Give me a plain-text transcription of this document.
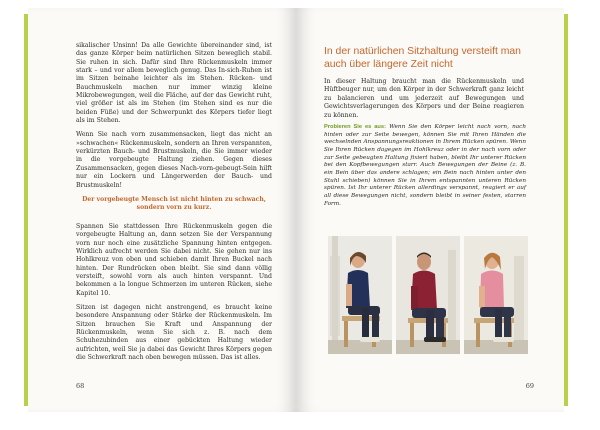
sikalischer Unsinn! Da alle Gewichte übereinander sind, ist das ganze Körper beim natürlichen Sitzen beweglich stabil. Sie ruhen in sich. Dafür sind Ihre Rückenmuskeln immer stark – und vor allem beweglich genug. Das In-sich-Ruhen ist im Sitzen beinahe leichter als im Stehen. Rücken- und Bauchmuskeln machen nur immer winzig kleine Mikrobewegungen, weil die Fläche, auf der das Gewicht ruht, viel größer ist als im Stehen (im Stehen sind es nur die beiden Füße) und der Schwerpunkt des Körpers tiefer liegt als im Stehen.

Wenn Sie nach vorn zusammensacken, liegt das nicht an »schwachen« Rückenmuskeln, sondern an Ihren verspannten, verkürzten Bauch- und Brustmuskeln, die Sie immer wieder in die vorgebeugte Haltung ziehen. Gegen dieses Zusammensacken, gegen dieses Nach-vorn-gebeugt-Sein hilft nur ein Lockern und Längerwerden der Bauch- und Brustmuskeln!

Der vorgebeugte Mensch ist nicht hinten zu schwach, sondern vorn zu kurz.

Spannen Sie stattdessen Ihre Rückenmuskeln gegen die vorgebeugte Haltung an, dann setzen Sie der Verspannung vorn nur noch eine zusätzliche Spannung hinten entgegen. Wirklich aufrecht werden Sie dabei nicht. Sie gehen nur ins Hohlkreuz von oben und schieben damit Ihren Buckel nach hinten. Der Rundrücken oben bleibt. Sie sind dann völlig versteift, sowohl vorn als auch hinten verspannt. Und bekommen a la longue Schmerzen im unteren Rücken, siehe Kapitel 10.

Sitzen ist dagegen nicht anstrengend, es braucht keine besondere Anspannung oder Stärke der Rückenmuskeln. Im Sitzen brauchen Sie Kraft und Anspannung der Rückenmuskeln, wenn Sie sich z. B. nach dem Schuhezubinden aus einer gebückten Haltung wieder aufrichten, weil Sie ja dabei das Gewicht Ihres Körpers gegen die Schwerkraft nach oben bewegen müssen. Das ist alles.

68
In der natürlichen Sitzhaltung versteift man auch über längere Zeit nicht

In dieser Haltung braucht man die Rückenmuskeln und Hüftbeuger nur, um den Körper in der Schwerkraft ganz leicht zu balancieren und um jederzeit auf Bewegungen und Gewichtsverlagerungen des Körpers und der Beine reagieren zu können.

Probieren Sie es aus: Wenn Sie den Körper leicht nach vorn, nach hinten oder zur Seite bewegen, können Sie mit Ihren Händen die wechselnden Anspannungsreaktionen in Ihrem Rücken spüren. Wenn Sie Ihren Rücken dagegen im Hohlkreuz oder in der nach vorn oder zur Seite gebeugten Haltung fixiert haben, bleibt Ihr unterer Rücken bei den Kopfbewegungen starr. Auch Bewegungen der Beine (z. B. ein Bein über das andere schlagen; ein Bein nach hinten unter den Stuhl schieben) können Sie in Ihrem entspannten unteren Rücken spüren. Ist Ihr unterer Rücken allerdings verspannt, reagiert er auf all diese Bewegungen nicht, sondern bleibt in seiner festen, starren Form.
69
